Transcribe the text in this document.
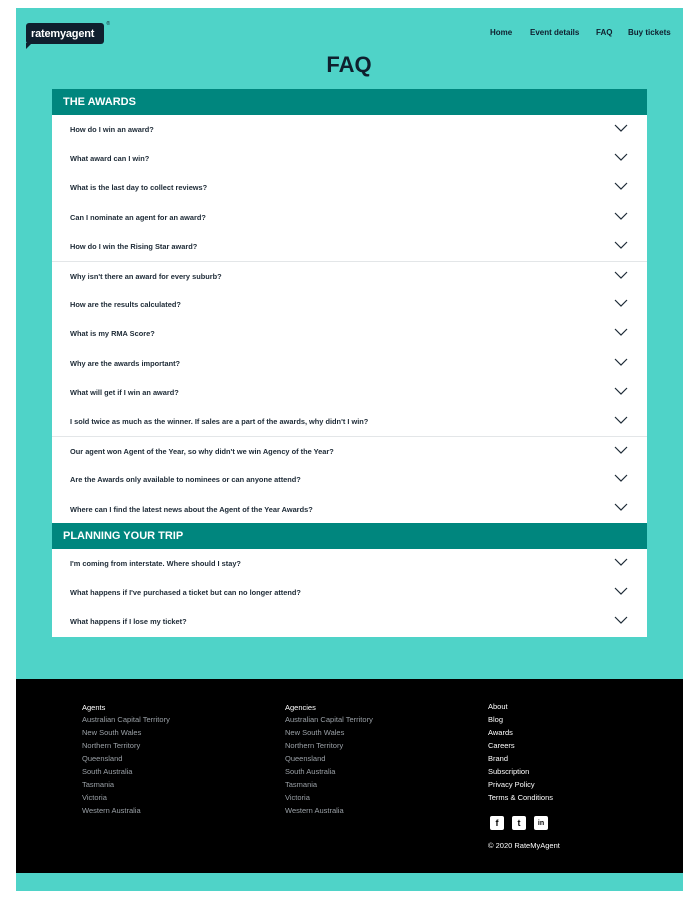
ratemyagent
®
Home Event details FAQ Buy tickets
FAQ
THE AWARDS
How do I win an award?
What award can I win?
What is the last day to collect reviews?
Can I nominate an agent for an award?
How do I win the Rising Star award?
Why isn't there an award for every suburb?
How are the results calculated?
What is my RMA Score?
Why are the awards important?
What will get if I win an award?
I sold twice as much as the winner. If sales are a part of the awards, why didn't I win?
Our agent won Agent of the Year, so why didn't we win Agency of the Year?
Are the Awards only available to nominees or can anyone attend?
Where can I find the latest news about the Agent of the Year Awards?
PLANNING YOUR TRIP
I'm coming from interstate. Where should I stay?
What happens if I've purchased a ticket but can no longer attend?
What happens if I lose my ticket?
Agents
Australian Capital Territory
New South Wales
Northern Territory
Queensland
South Australia
Tasmania
Victoria
Western Australia
Agencies
Australian Capital Territory
New South Wales
Northern Territory
Queensland
South Australia
Tasmania
Victoria
Western Australia
About
Blog
Awards
Careers
Brand
Subscription
Privacy Policy
Terms & Conditions
f t in
© 2020 RateMyAgent
